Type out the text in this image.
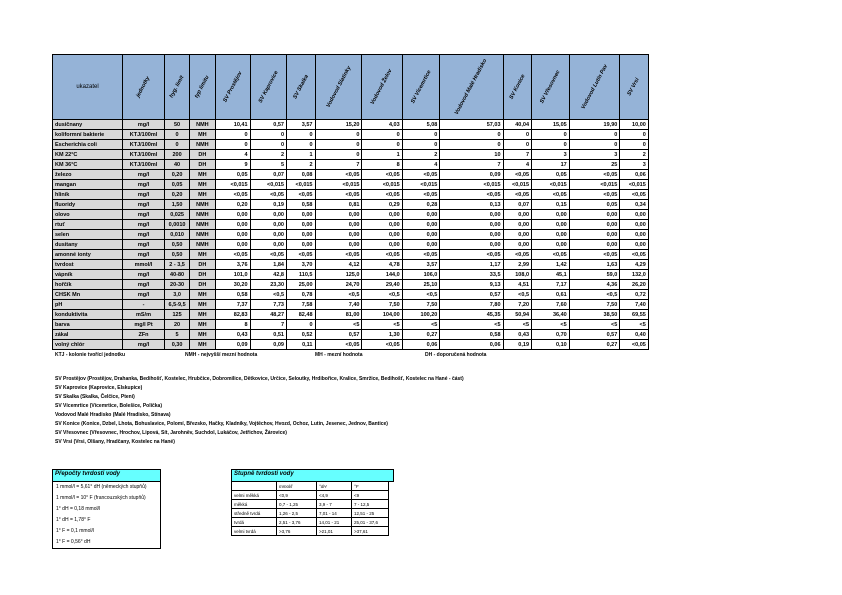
ukazatel	jednotky	hyg. limit	typ limitu	SV Prostějov	SV Kaprovice	SV Skalka	Vodovod Slatinky	Vodovod Želov	SV Vícemrtice	Vodovod Malé Hradisko	SV Konice	SV Vřesovnec	Vodovod Lutín Pav	SV Vrsi
dusičnany	mg/l	50	NMH	10,41	0,57	3,57	15,20	4,03	5,08	57,03	40,04	15,05	19,90	10,00
koliformní bakterie	KTJ/100ml	0	MH	0	0	0	0	0	0	0	0	0	0	0
Escherichia coli	KTJ/100ml	0	NMH	0	0	0	0	0	0	0	0	0	0	0
KM 22°C	KTJ/100ml	200	DH	4	2	1	0	1	2	10	7	3	3	2
KM 36°C	KTJ/100ml	40	DH	9	5	2	7	8	4	7	4	17	25	3
železo	mg/l	0,20	MH	0,05	0,07	0,08	<0,05	<0,05	<0,05	0,09	<0,05	0,05	<0,05	0,06
mangan	mg/l	0,05	MH	<0,015	<0,015	<0,015	<0,015	<0,015	<0,015	<0,015	<0,015	<0,015	<0,015	<0,015
hliník	mg/l	0,20	MH	<0,05	<0,05	<0,05	<0,05	<0,05	<0,05	<0,05	<0,05	<0,05	<0,05	<0,05
fluoridy	mg/l	1,50	NMH	0,20	0,19	0,58	0,81	0,29	0,28	0,13	0,07	0,15	0,05	0,34
olovo	mg/l	0,025	NMH	0,00	0,00	0,00	0,00	0,00	0,00	0,00	0,00	0,00	0,00	0,00
rtuť	mg/l	0,0010	NMH	0,00	0,00	0,00	0,00	0,00	0,00	0,00	0,00	0,00	0,00	0,00
selen	mg/l	0,010	NMH	0,00	0,00	0,00	0,00	0,00	0,00	0,00	0,00	0,00	0,00	0,00
dusitany	mg/l	0,50	NMH	0,00	0,00	0,00	0,00	0,00	0,00	0,00	0,00	0,00	0,00	0,00
amonné ionty	mg/l	0,50	MH	<0,05	<0,05	<0,05	<0,05	<0,05	<0,05	<0,05	<0,05	<0,05	<0,05	<0,05
tvrdost	mmol/l	2 - 3,5	DH	3,76	1,84	3,70	4,12	4,78	3,57	1,17	2,99	1,42	1,63	4,29
vápník	mg/l	40-80	DH	101,0	42,8	110,5	125,0	144,0	106,0	33,5	108,0	45,1	59,0	132,0
hořčík	mg/l	20-30	DH	30,20	23,30	25,00	24,70	29,40	25,10	9,13	4,51	7,17	4,36	26,20
CHSK Mn	mg/l	3,0	MH	0,58	<0,5	0,78	<0,5	<0,5	<0,5	0,57	<0,5	0,61	<0,5	0,72
pH	-	6,5-9,5	MH	7,37	7,73	7,58	7,40	7,50	7,50	7,80	7,20	7,60	7,50	7,40
konduktivita	mS/m	125	MH	82,83	48,27	82,48	81,00	104,00	100,20	45,35	50,94	36,40	38,50	69,55
barva	mg/l Pt	20	MH	8	7	0	<5	<5	<5	<5	<5	<5	<5	<5
zákal	ZFn	5	MH	0,43	0,51	0,52	0,57	1,30	0,27	0,58	0,43	0,70	0,57	0,40
volný chlór	mg/l	0,30	MH	0,09	0,09	0,11	<0,05	<0,05	0,06	0,06	0,19	0,10	0,27	<0,05
KTJ - kolonie tvořící jednotku	NMH - nejvyšší mezní hodnota	MH - mezní hodnota	DH - doporučená hodnota
SV Prostějov (Prostějov, Drahanka, Bedihošť, Kostelec, Hrubčice, Dobromilice, Dětkovice, Určice, Seloutky, Hrdibořice, Kralice, Smržice, Bedihošť, Kostelec na Hané - část)
SV Kaprovice (Kaprovice, Elskupice)
SV Skalka (Skalka, Čelčice, Ptení)
SV Vícemrtice (Vícemrtice, Bolešice, Polička)
Vodovod Malé Hradisko (Malé Hradisko, Stínava)
SV Konice (Konice, Dzbel, Lhota, Bohuslavice, Polomí, Březsko, Hačky, Kladníky, Vojtěchov, Hvozd, Ochoz, Lutín, Jesenec, Jednov, Bantice)
SV Vřesovnec (Vřesovnec, Hrochov, Lipová, Sít, Jarohněv, Suchdol, Lukáčov, Jetřichov, Žárovice)
SV Vrsi (Vrsi, Olšany, Hradčany, Kostelec na Hané)
Přepočty tvrdosti vody
1 mmol/l = 5,61° dH (německých stupňů)
1 mmol/l = 10° F (francouzských stupňů)
1° dH = 0,18 mmol/l
1° dH = 1,78° F
1° F = 0,1 mmol/l
1° F = 0,56° dH
Stupně tvrdosti vody
	mmol/l	°dH	°F
velmi měkká	<0,9	<4,9	<9
měkká	0,7 - 1,25	3,9 - 7	7 - 12,5
středně tvrdá	1,26 - 2,5	7,01 - 14	12,51 - 25
tvrdá	2,51 - 3,76	14,01 - 21	25,01 - 37,6
velmi tvrdá	>3,76	>21,01	>37,61
